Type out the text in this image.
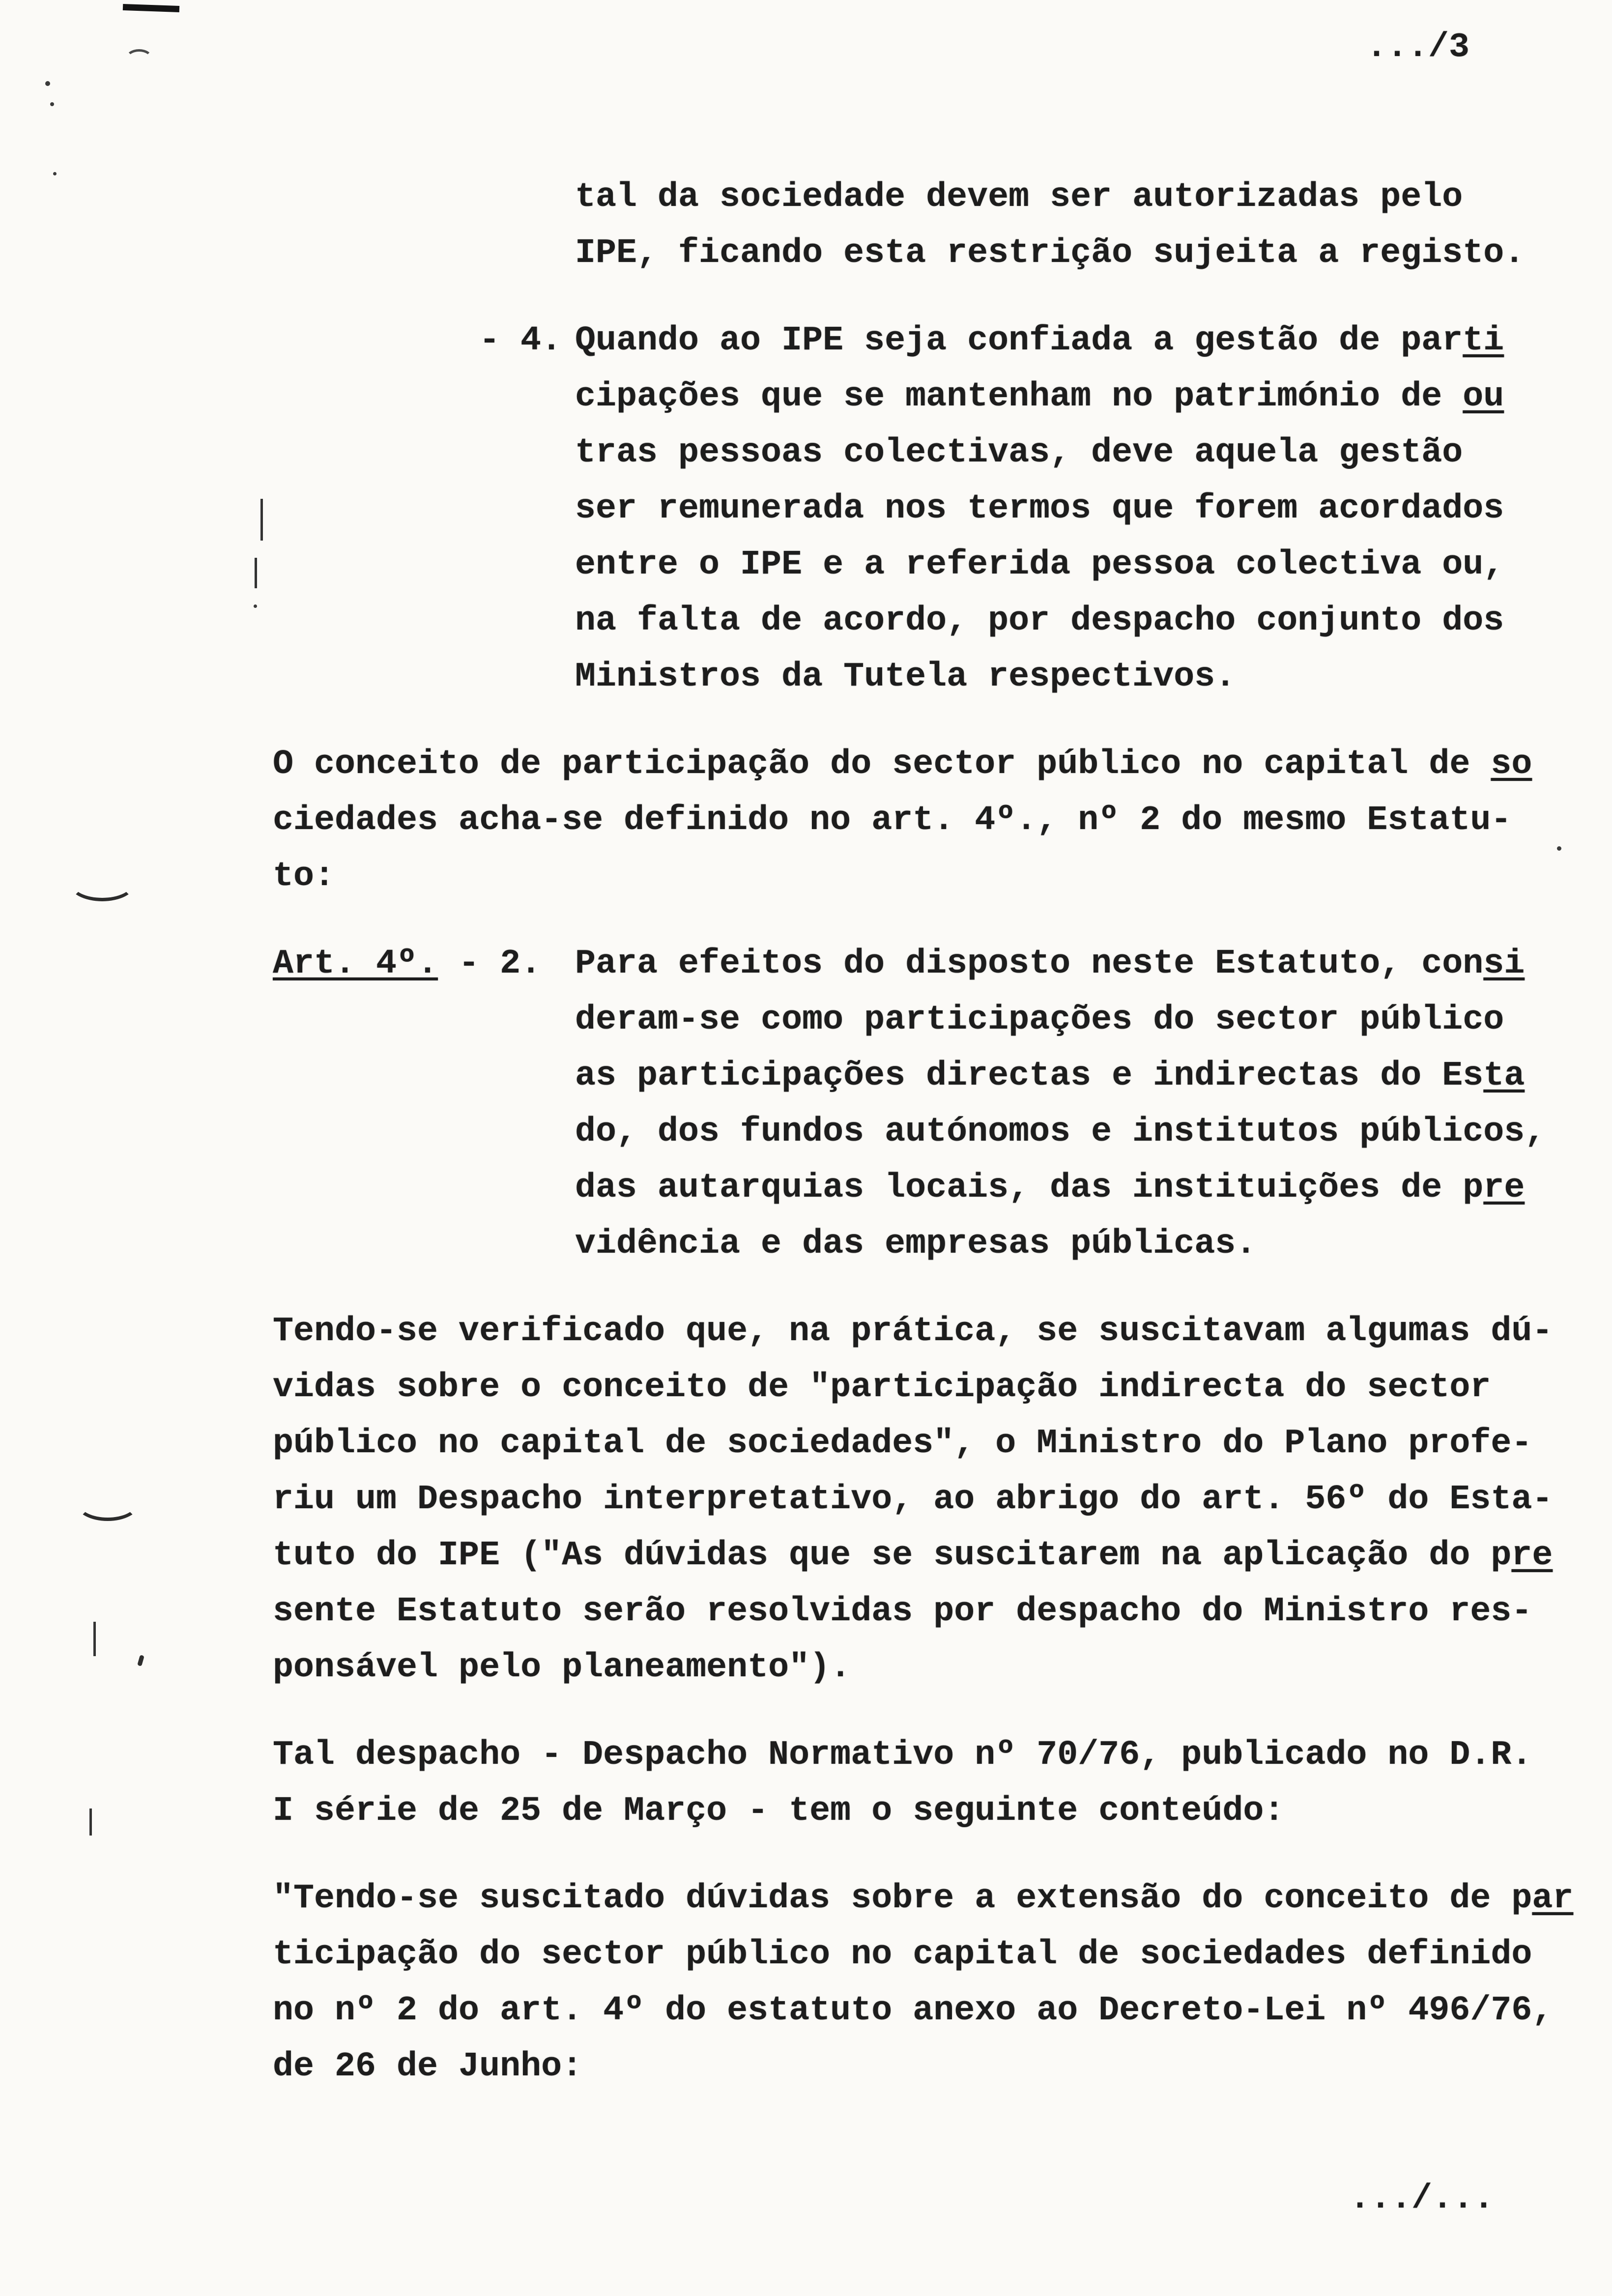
.../3
tal da sociedade devem ser autorizadas pelo
IPE, ficando esta restrição sujeita a registo.
- 4. Quando ao IPE seja confiada a gestão de parti
cipações que se mantenham no património de ou
tras pessoas colectivas, deve aquela gestão
ser remunerada nos termos que forem acordados
entre o IPE e a referida pessoa colectiva ou,
na falta de acordo, por despacho conjunto dos
Ministros da Tutela respectivos.
O conceito de participação do sector público no capital de so
ciedades acha-se definido no art. 4º., nº 2 do mesmo Estatu-
to:
Art. 4º. - 2. Para efeitos do disposto neste Estatuto, consi
deram-se como participações do sector público
as participações directas e indirectas do Esta
do, dos fundos autónomos e institutos públicos,
das autarquias locais, das instituições de pre
vidência e das empresas públicas.
Tendo-se verificado que, na prática, se suscitavam algumas dú-
vidas sobre o conceito de "participação indirecta do sector
público no capital de sociedades", o Ministro do Plano profe-
riu um Despacho interpretativo, ao abrigo do art. 56º do Esta-
tuto do IPE ("As dúvidas que se suscitarem na aplicação do pre
sente Estatuto serão resolvidas por despacho do Ministro res-
ponsável pelo planeamento").
Tal despacho - Despacho Normativo nº 70/76, publicado no D.R.
I série de 25 de Março - tem o seguinte conteúdo:
"Tendo-se suscitado dúvidas sobre a extensão do conceito de par
ticipação do sector público no capital de sociedades definido
no nº 2 do art. 4º do estatuto anexo ao Decreto-Lei nº 496/76,
de 26 de Junho:
.../...
